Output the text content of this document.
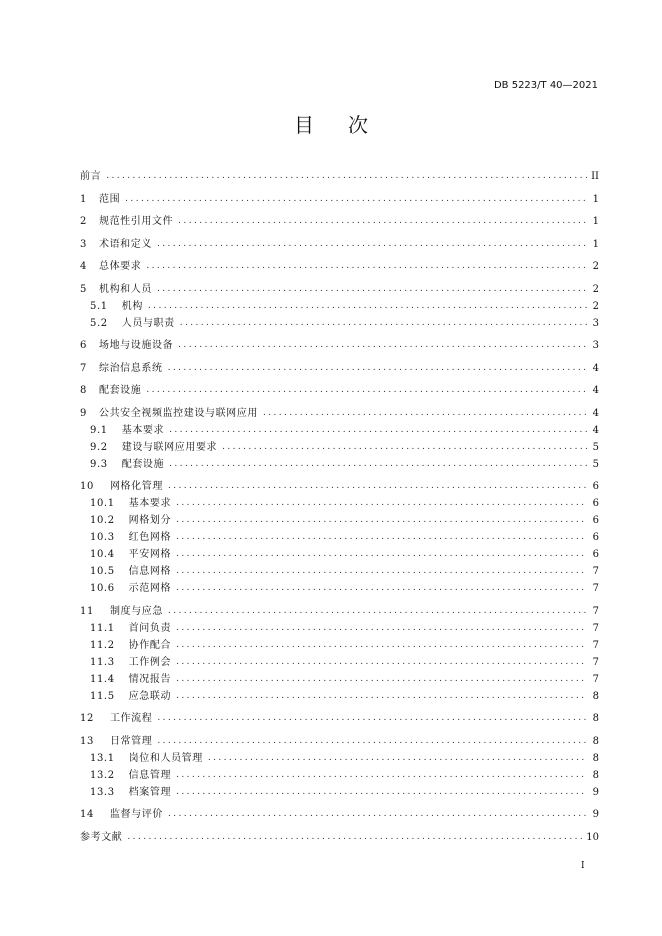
DB 5223/T 40—2021
目次
前言 .....	II
1 范围 .....	1
2 规范性引用文件 .....	1
3 术语和定义 .....	1
4 总体要求 .....	2
5 机构和人员 .....	2
5.1 机构 .....	2
5.2 人员与职责 .....	3
6 场地与设施设备 .....	3
7 综治信息系统 .....	4
8 配套设施 .....	4
9 公共安全视频监控建设与联网应用 .....	4
9.1 基本要求 .....	4
9.2 建设与联网应用要求 .....	5
9.3 配套设施 .....	5
10 网格化管理 .....	6
10.1 基本要求 .....	6
10.2 网格划分 .....	6
10.3 红色网格 .....	6
10.4 平安网格 .....	6
10.5 信息网格 .....	7
10.6 示范网格 .....	7
11 制度与应急 .....	7
11.1 首问负责 .....	7
11.2 协作配合 .....	7
11.3 工作例会 .....	7
11.4 情况报告 .....	7
11.5 应急联动 .....	8
12 工作流程 .....	8
13 日常管理 .....	8
13.1 岗位和人员管理 .....	8
13.2 信息管理 .....	8
13.3 档案管理 .....	9
14 监督与评价 .....	9
参考文献 .....	10
I
